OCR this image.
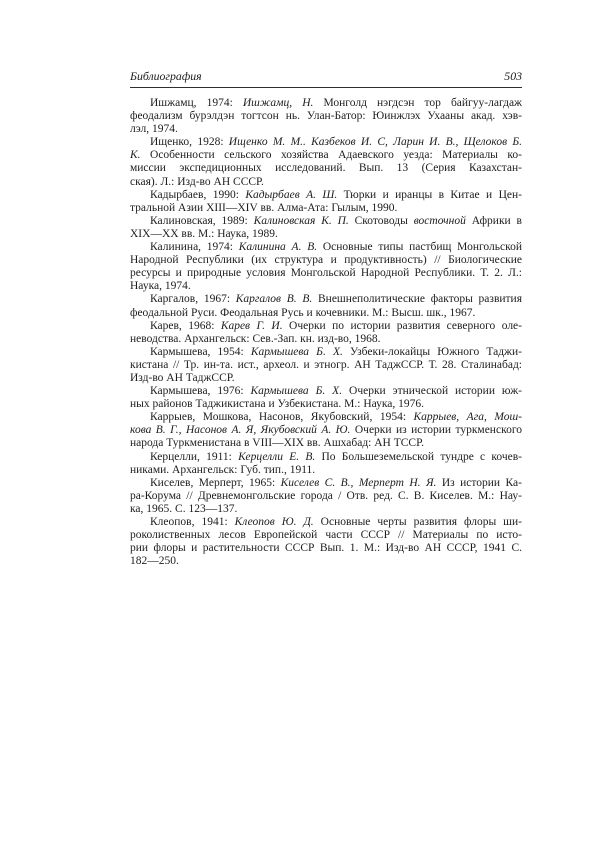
Библиография	503
Ишжамц, 1974: Ишжамц, Н. Монголд нэгдсэн тор байгуу-лагдаж
феодализм бурэлдэн тогтсон нь. Улан-Батор: Юинжлэх Ухааны акад. хэв-
лэл, 1974.
Ищенко, 1928: Ищенко М. М.. Казбеков И. С, Ларин И. В., Щелоков Б.
К. Особенности сельского хозяйства Адаевского уезда: Материалы ко-
миссии экспедиционных исследований. Вып. 13 (Серия Казахстан-
ская). Л.: Изд-во АН СССР.
Кадырбаев, 1990: Кадырбаев А. Ш. Тюрки и иранцы в Китае и Цен-
тральной Азии XIII—XIV вв. Алма-Ата: Гылым, 1990.
Калиновская, 1989: Калиновская К. П. Скотоводы восточной Африки в
XIX—XX вв. М.: Наука, 1989.
Калинина, 1974: Калинина А. В. Основные типы пастбищ Монгольской
Народной Республики (их структура и продуктивность) // Биологические
ресурсы и природные условия Монгольской Народной Республики. Т. 2. Л.:
Наука, 1974.
Каргалов, 1967: Каргалов В. В. Внешнеполитические факторы развития
феодальной Руси. Феодальная Русь и кочевники. М.: Высш. шк., 1967.
Карев, 1968: Карев Г. И. Очерки по истории развития северного оле-
неводства. Архангельск: Сев.-Зап. кн. изд-во, 1968.
Кармышева, 1954: Кармышева Б. Х. Узбеки-локайцы Южного Таджи-
кистана // Тр. ин-та. ист., археол. и этногр. АН ТаджССР. Т. 28. Сталинабад:
Изд-во АН ТаджССР.
Кармышева, 1976: Кармышева Б. Х. Очерки этнической истории юж-
ных районов Таджикистана и Узбекистана. М.: Наука, 1976.
Каррыев, Мошкова, Насонов, Якубовский, 1954: Каррыев, Ага, Мош-
кова В. Г., Насонов А. Я, Якубовский А. Ю. Очерки из истории туркменского
народа Туркменистана в VIII—XIX вв. Ашхабад: АН ТССР.
Керцелли, 1911: Керцелли Е. В. По Большеземельской тундре с кочев-
никами. Архангельск: Губ. тип., 1911.
Киселев, Мерперт, 1965: Киселев С. В., Мерперт Н. Я. Из истории Ка-
ра-Корума // Древнемонгольские города / Отв. ред. С. В. Киселев. М.: Нау-
ка, 1965. С. 123—137.
Клеопов, 1941: Клеопов Ю. Д. Основные черты развития флоры ши-
роколиственных лесов Европейской части СССР // Материалы по исто-
рии флоры и растительности СССР Вып. 1. М.: Изд-во АН СССР, 1941 С.
182—250.
